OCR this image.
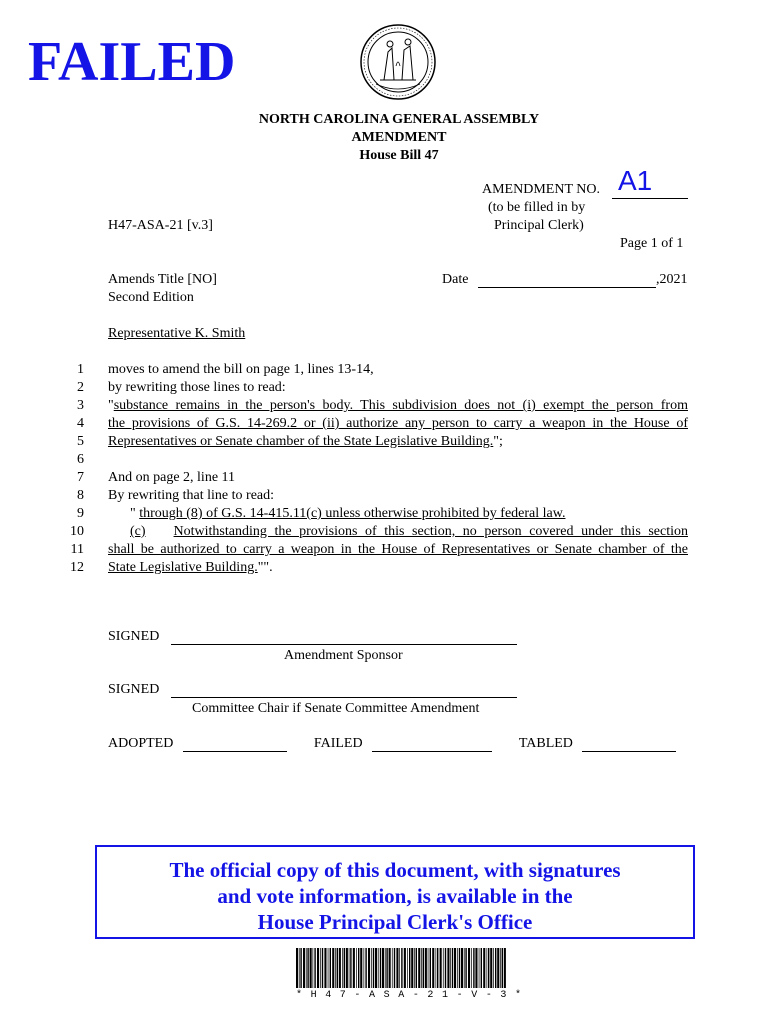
FAILED
NORTH CAROLINA GENERAL ASSEMBLY
AMENDMENT
House Bill 47
AMENDMENT NO. A1
(to be filled in by
Principal Clerk)
H47-ASA-21 [v.3]
Page 1 of 1
Amends Title [NO]
Second Edition
Date	,2021
Representative K. Smith
1 moves to amend the bill on page 1, lines 13-14,
2 by rewriting those lines to read:
3 "substance remains in the person's body. This subdivision does not (i) exempt the person from
4 the provisions of G.S. 14-269.2 or (ii) authorize any person to carry a weapon in the House of
5 Representatives or Senate chamber of the State Legislative Building.";
6
7 And on page 2, line 11
8 By rewriting that line to read:
9	" through (8) of G.S. 14-415.11(c) unless otherwise prohibited by federal law.
10	(c) Notwithstanding the provisions of this section, no person covered under this section
11 shall be authorized to carry a weapon in the House of Representatives or Senate chamber of the
12 State Legislative Building."".
SIGNED
Amendment Sponsor
SIGNED
Committee Chair if Senate Committee Amendment
ADOPTED	FAILED	TABLED
The official copy of this document, with signatures
and vote information, is available in the
House Principal Clerk's Office
* H 4 7 - A S A - 2 1 - V - 3 *
